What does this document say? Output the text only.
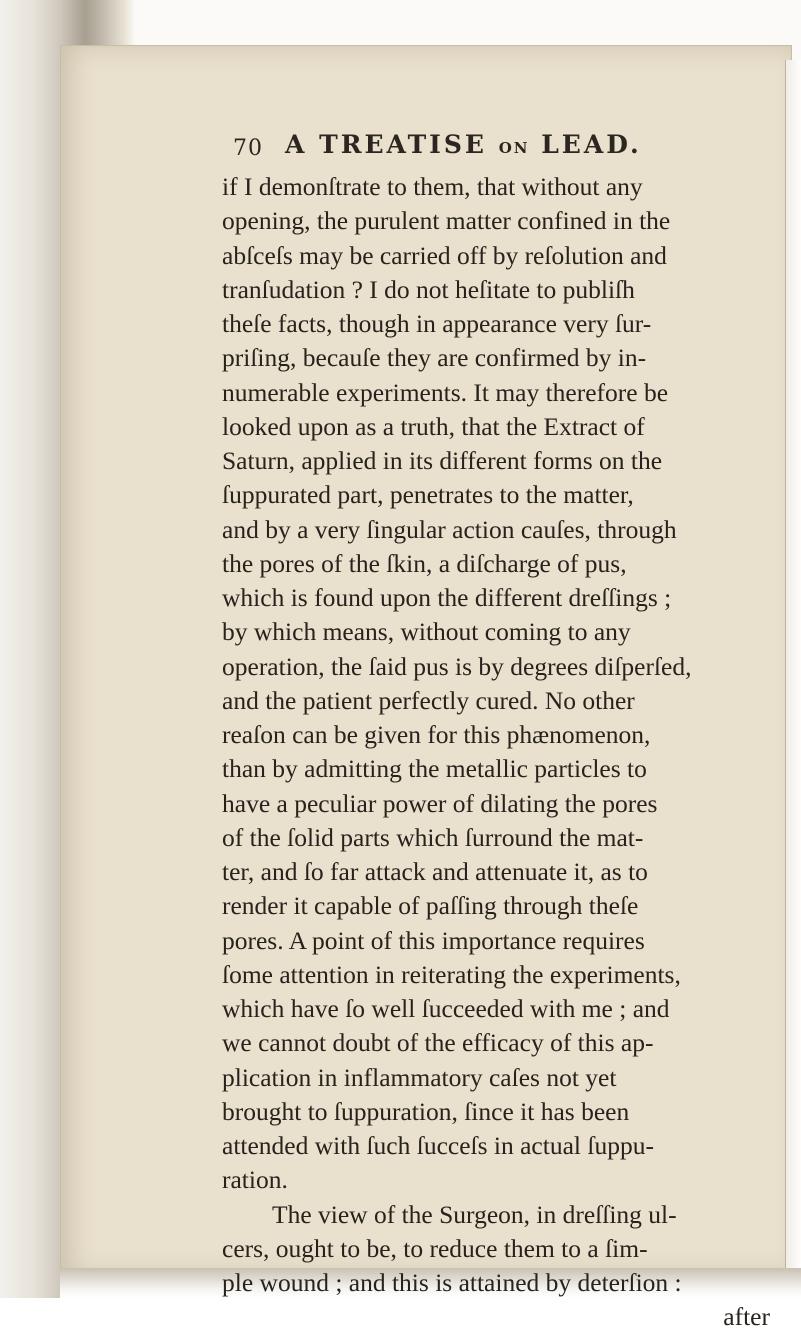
70 A TREATISE ON LEAD.
if I demonſtrate to them, that without any
opening, the purulent matter confined in the
abſceſs may be carried off by reſolution and
tranſudation ? I do not heſitate to publiſh
theſe facts, though in appearance very ſur-
priſing, becauſe they are confirmed by in-
numerable experiments. It may therefore be
looked upon as a truth, that the Extract of
Saturn, applied in its different forms on the
ſuppurated part, penetrates to the matter,
and by a very ſingular action cauſes, through
the pores of the ſkin, a diſcharge of pus,
which is found upon the different dreſſings ;
by which means, without coming to any
operation, the ſaid pus is by degrees diſperſed,
and the patient perfectly cured. No other
reaſon can be given for this phænomenon,
than by admitting the metallic particles to
have a peculiar power of dilating the pores
of the ſolid parts which ſurround the mat-
ter, and ſo far attack and attenuate it, as to
render it capable of paſſing through theſe
pores. A point of this importance requires
ſome attention in reiterating the experiments,
which have ſo well ſucceeded with me ; and
we cannot doubt of the efficacy of this ap-
plication in inflammatory caſes not yet
brought to ſuppuration, ſince it has been
attended with ſuch ſucceſs in actual ſuppu-
ration.
The view of the Surgeon, in dreſſing ul-
cers, ought to be, to reduce them to a ſim-
ple wound ; and this is attained by deterſion :
after
